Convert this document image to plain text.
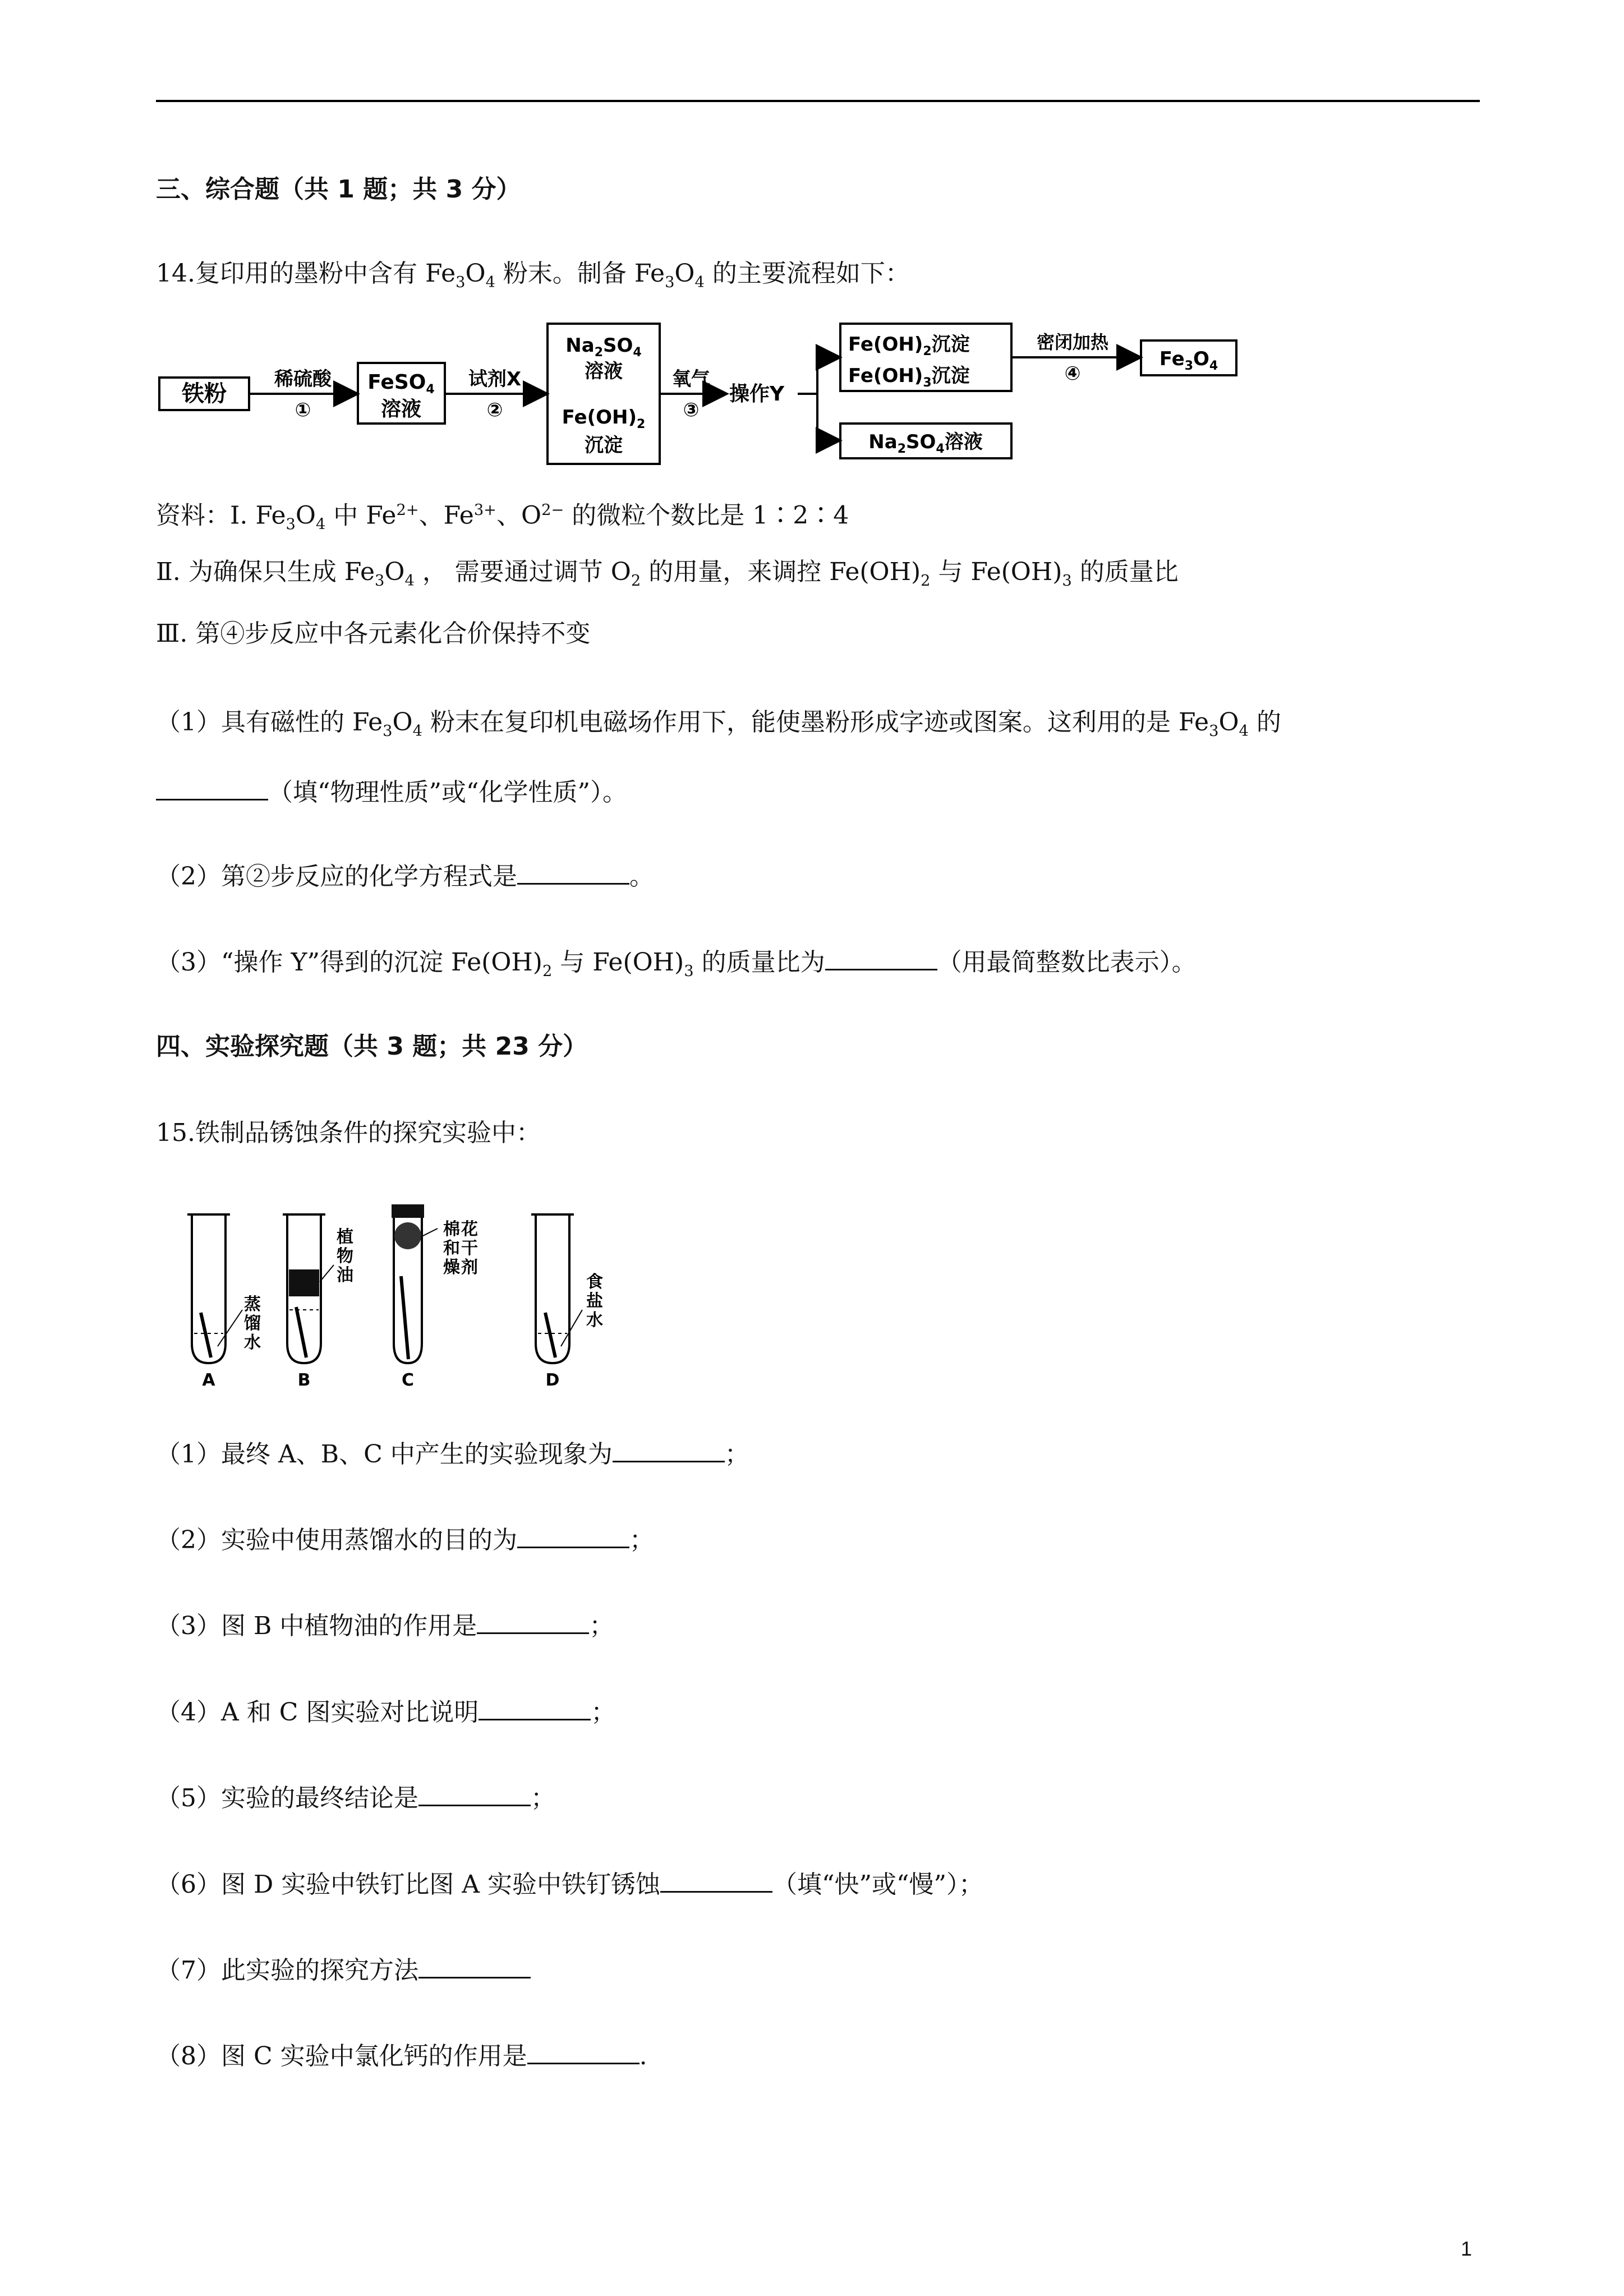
三、综合题（共 1 题；共 3 分）
14.复印用的墨粉中含有 $Fe_3O_4$ 粉末。制备 $Fe_3O_4$ 的主要流程如下：
铁粉
稀硫酸
①
FeSO$_4$
溶液
试剂X
②
$Na_2SO_4$
溶液
$Fe(OH)_2$
沉淀
氧气
③
操作Y
$Fe(OH)_2$沉淀
$Fe(OH)_3$沉淀
密闭加热
④
$Fe_3O_4$
$Na_2SO_4$溶液
资料：Ⅰ. $Fe_3O_4$ 中 $Fe^{2+}$、$Fe^{3+}$、$O^{2-}$ 的微粒个数比是 1∶2∶4
Ⅱ. 为确保只生成 $Fe_3O_4$ ， 需要通过调节 $O_2$ 的用量，来调控 $Fe(OH)_2$ 与 $Fe(OH)_3$ 的质量比
Ⅲ. 第④步反应中各元素化合价保持不变
（1）具有磁性的 $Fe_3O_4$ 粉末在复印机电磁场作用下，能使墨粉形成字迹或图案。这利用的是 $Fe_3O_4$ 的
（填“物理性质”或“化学性质”）。
（2）第②步反应的化学方程式是	。
（3）“操作 Y”得到的沉淀 $Fe(OH)_2$ 与 $Fe(OH)_3$ 的质量比为	（用最简整数比表示）。
四、实验探究题（共 3 题；共 23 分）
15.铁制品锈蚀条件的探究实验中：
蒸
馏
水
A
植
物
油
B
棉 花
和 干
燥 剂
C
食
盐
水
D
（1）最终 A、B、C 中产生的实验现象为	；
（2）实验中使用蒸馏水的目的为	；
（3）图 B 中植物油的作用是	；
（4）A 和 C 图实验对比说明	；
（5）实验的最终结论是	；
（6）图 D 实验中铁钉比图 A 实验中铁钉锈蚀	（填“快”或“慢”）；
（7）此实验的探究方法
（8）图 C 实验中氯化钙的作用是	.
1
